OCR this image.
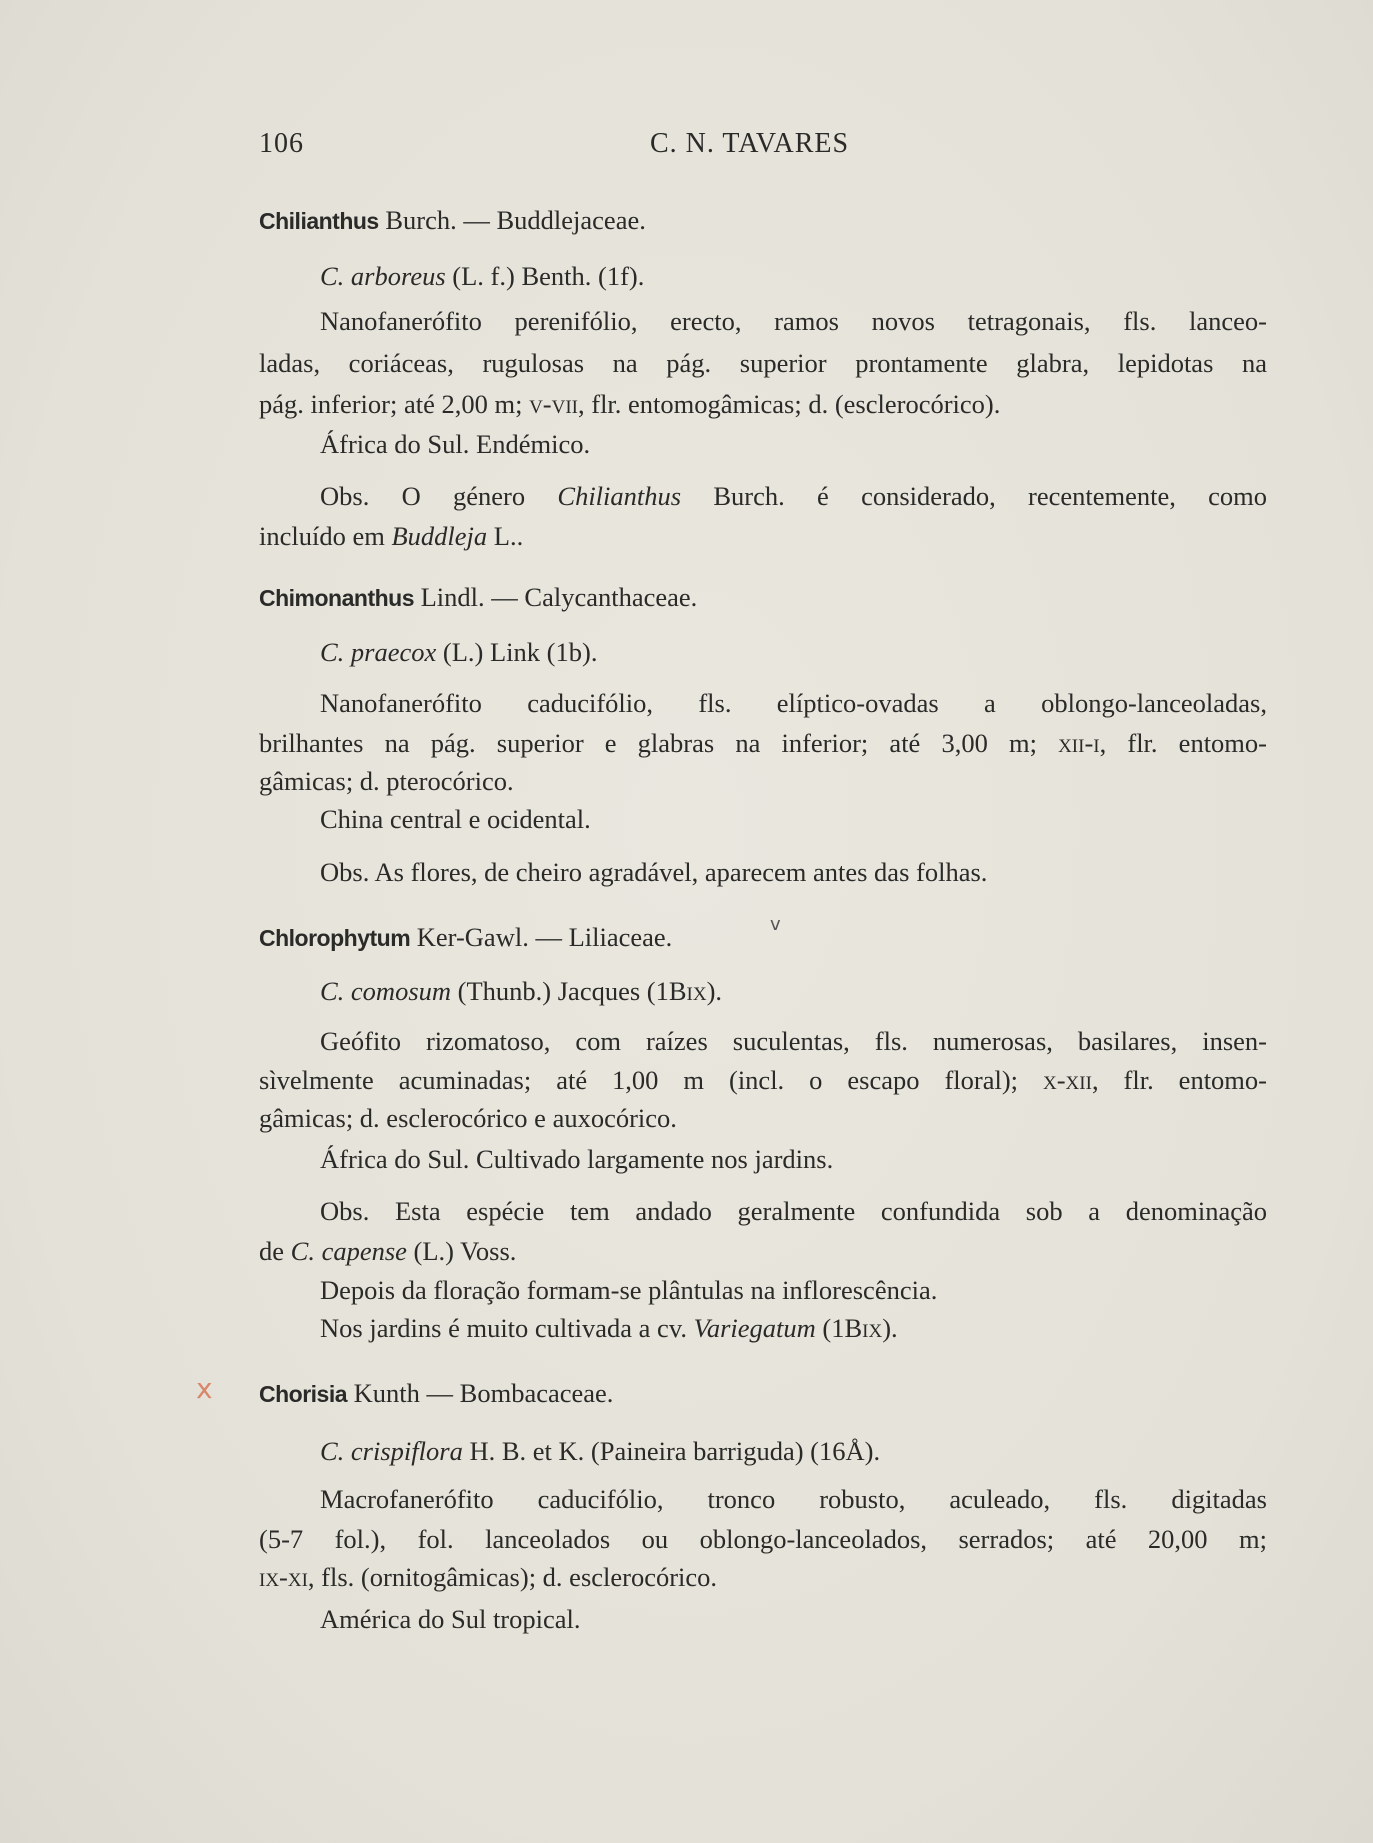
106	C. N. TAVARES
x
v
Chilianthus Burch. — Buddlejaceae.
C. arboreus (L. f.) Benth. (1f).
Nanofanerófito perenifólio, erecto, ramos novos tetragonais, fls. lanceo-
ladas, coriáceas, rugulosas na pág. superior prontamente glabra, lepidotas na
pág. inferior; até 2,00 m; v-vii, flr. entomogâmicas; d. (esclerocórico).
África do Sul. Endémico.
Obs. O género Chilianthus Burch. é considerado, recentemente, como
incluído em Buddleja L..
Chimonanthus Lindl. — Calycanthaceae.
C. praecox (L.) Link (1b).
Nanofanerófito caducifólio, fls. elíptico-ovadas a oblongo-lanceoladas,
brilhantes na pág. superior e glabras na inferior; até 3,00 m; xii-i, flr. entomo-
gâmicas; d. pterocórico.
China central e ocidental.
Obs. As flores, de cheiro agradável, aparecem antes das folhas.
Chlorophytum Ker-Gawl. — Liliaceae.
C. comosum (Thunb.) Jacques (1Bix).
Geófito rizomatoso, com raízes suculentas, fls. numerosas, basilares, insen-
sìvelmente acuminadas; até 1,00 m (incl. o escapo floral); x-xii, flr. entomo-
gâmicas; d. esclerocórico e auxocórico.
África do Sul. Cultivado largamente nos jardins.
Obs. Esta espécie tem andado geralmente confundida sob a denominação
de C. capense (L.) Voss.
Depois da floração formam-se plântulas na inflorescência.
Nos jardins é muito cultivada a cv. Variegatum (1Bix).
Chorisia Kunth — Bombacaceae.
C. crispiflora H. B. et K. (Paineira barriguda) (16Å).
Macrofanerófito caducifólio, tronco robusto, aculeado, fls. digitadas
(5-7 fol.), fol. lanceolados ou oblongo-lanceolados, serrados; até 20,00 m;
ix-xi, fls. (ornitogâmicas); d. esclerocórico.
América do Sul tropical.
